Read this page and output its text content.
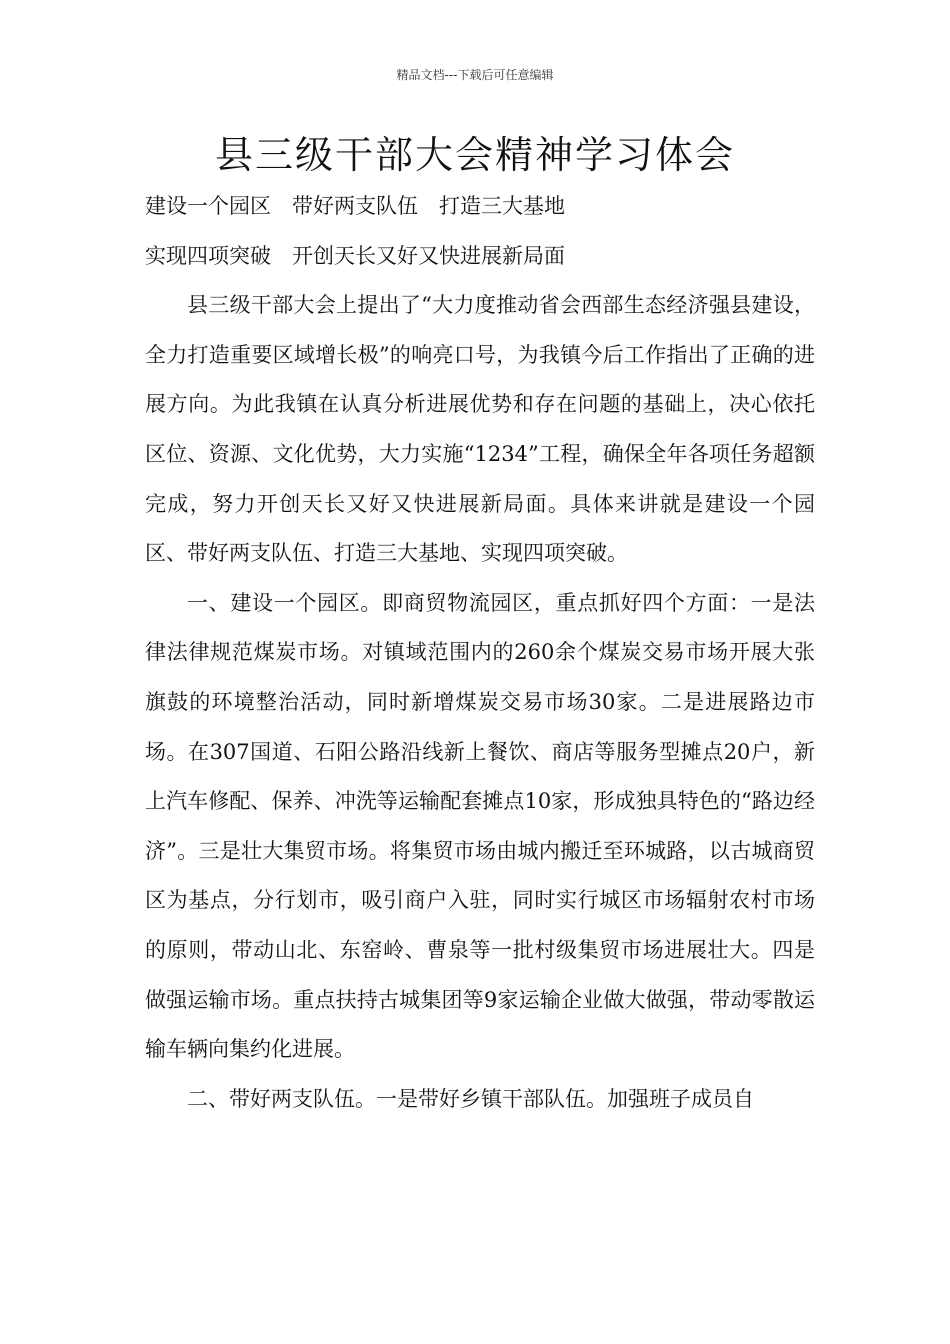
精品文档---下载后可任意编辑
县三级干部大会精神学习体会

建设一个园区　带好两支队伍　打造三大基地

实现四项突破　开创天长又好又快进展新局面

县三级干部大会上提出了“大力度推动省会西部生态经济强县建设，全力打造重要区域增长极”的响亮口号，为我镇今后工作指出了正确的进展方向。为此我镇在认真分析进展优势和存在问题的基础上，决心依托区位、资源、文化优势，大力实施“1234”工程，确保全年各项任务超额完成，努力开创天长又好又快进展新局面。具体来讲就是建设一个园区、带好两支队伍、打造三大基地、实现四项突破。

一、建设一个园区。即商贸物流园区，重点抓好四个方面：一是法律法律规范煤炭市场。对镇域范围内的260余个煤炭交易市场开展大张旗鼓的环境整治活动，同时新增煤炭交易市场30家。二是进展路边市场。在307国道、石阳公路沿线新上餐饮、商店等服务型摊点20户，新上汽车修配、保养、冲洗等运输配套摊点10家，形成独具特色的“路边经济”。三是壮大集贸市场。将集贸市场由城内搬迁至环城路，以古城商贸区为基点，分行划市，吸引商户入驻，同时实行城区市场辐射农村市场的原则，带动山北、东窑岭、曹泉等一批村级集贸市场进展壮大。四是做强运输市场。重点扶持古城集团等9家运输企业做大做强，带动零散运输车辆向集约化进展。

二、带好两支队伍。一是带好乡镇干部队伍。加强班子成员自
